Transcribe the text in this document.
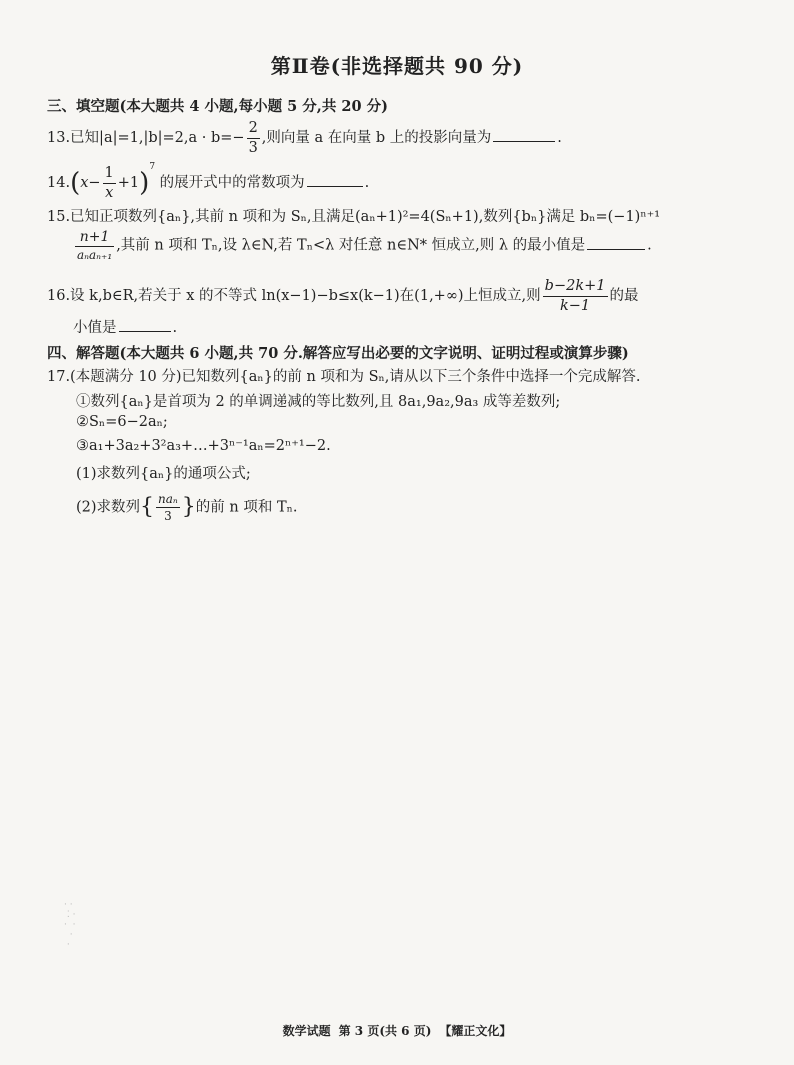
第Ⅱ卷(非选择题共 90 分)
三、填空题(本大题共 4 小题,每小题 5 分,共 20 分)
13.已知$|a|=1,|b|=2,a \cdot b=- \frac{2}{3}$ ,则向量 a 在向量 b 上的投影向量为	.
$14.(x- \frac{1}{x} +1)^7$ 的展开式中的常数项为	.
15.已知正项数列{aₙ},其前 n 项和为 Sₙ,且满足(aₙ+1)²=4(Sₙ+1),数列{bₙ}满足 bₙ=(−1)ⁿ⁺¹
$\frac{n+1}{\text{aₙaₙ₊₁}}$ ,其前 n 项和 Tₙ,设 λ∈N,若 Tₙ<λ 对任意 n∈N* 恒成立,则 λ 的最小值是	.
16.设 k,b∈R,若关于 x 的不等式 ln(x−1)−b≤x(k−1)在(1,+∞)上恒成立,则 $\frac{b-2k+1}{k-1}$ 的最
小值是	.
四、解答题(本大题共 6 小题,共 70 分.解答应写出必要的文字说明、证明过程或演算步骤)
17.(本题满分 10 分)已知数列{aₙ}的前 n 项和为 Sₙ,请从以下三个条件中选择一个完成解答.
①数列{aₙ}是首项为 2 的单调递减的等比数列,且 8a₁,9a₂,9a₃ 成等差数列;
②Sₙ=6−2aₙ;
③a₁+3a₂+3²a₃+…+3ⁿ⁻¹aₙ=2ⁿ⁺¹−2.
(1)求数列{aₙ}的通项公式;
(2)求数列{ $\frac{\text{naₙ}}{3}$ }的前 n 项和 Tₙ.
· ·
⁚ ·
·  ·
·
·
数学试题 第 3 页(共 6 页) 【耀正文化】
